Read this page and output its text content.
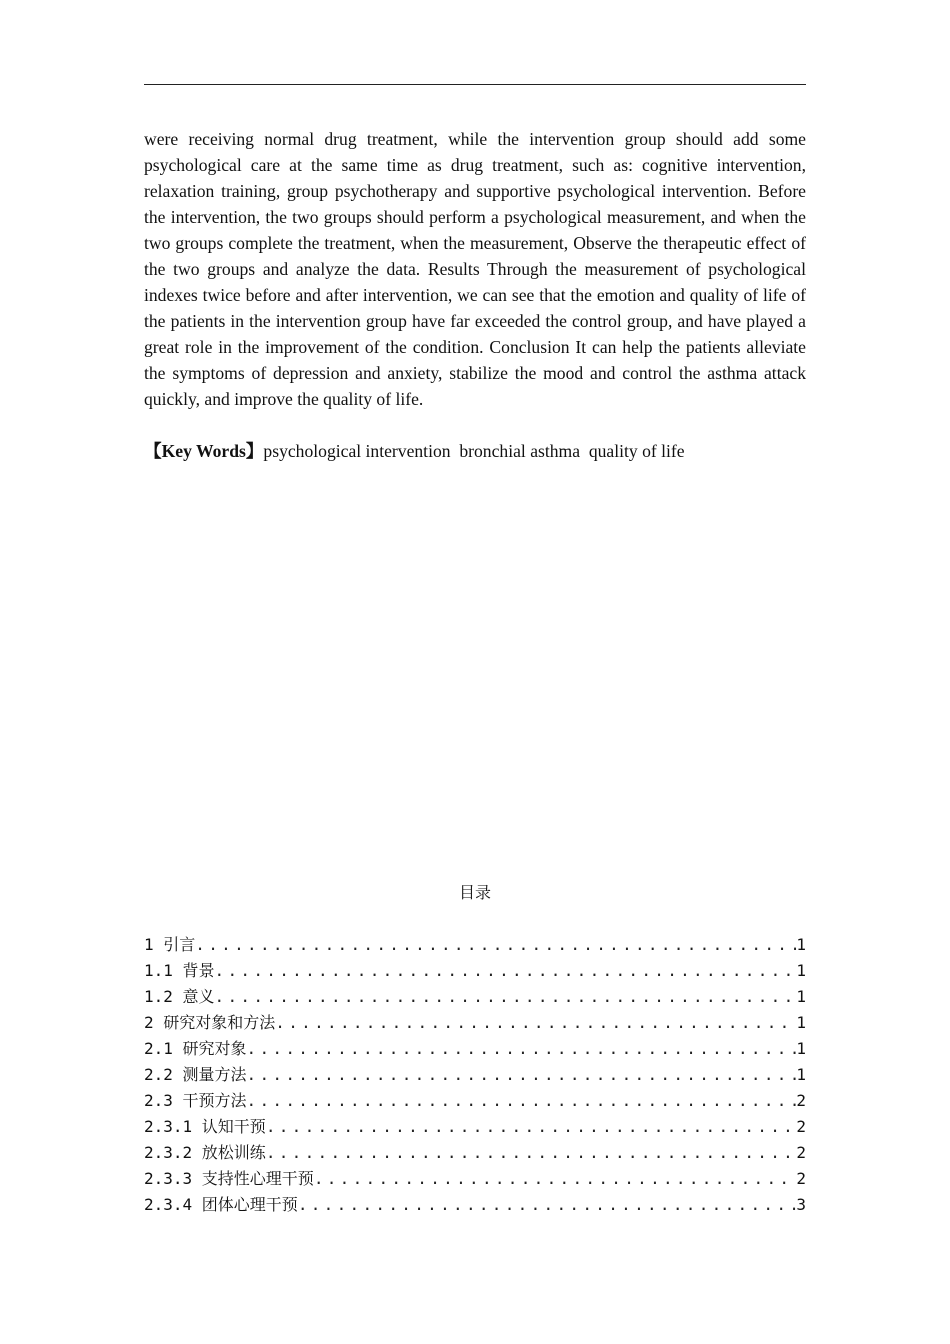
were receiving normal drug treatment, while the intervention group should add some psychological care at the same time as drug treatment, such as: cognitive intervention, relaxation training, group psychotherapy and supportive psychological intervention. Before the intervention, the two groups should perform a psychological measurement, and when the two groups complete the treatment, when the measurement, Observe the therapeutic effect of the two groups and analyze the data. Results Through the measurement of psychological indexes twice before and after intervention, we can see that the emotion and quality of life of the patients in the intervention group have far exceeded the control group, and have played a great role in the improvement of the condition. Conclusion It can help the patients alleviate the symptoms of depression and anxiety, stabilize the mood and control the asthma attack quickly, and improve the quality of life.

【Key Words】psychological intervention  bronchial asthma  quality of life

目录
1 引言 .....	1
1.1 背景 .....	1
1.2 意义 .....	1
2 研究对象和方法 .....	1
2.1 研究对象 .....	1
2.2 测量方法 .....	1
2.3 干预方法 .....	2
2.3.1 认知干预 .....	2
2.3.2 放松训练 .....	2
2.3.3 支持性心理干预 .....	2
2.3.4 团体心理干预 .....	3
